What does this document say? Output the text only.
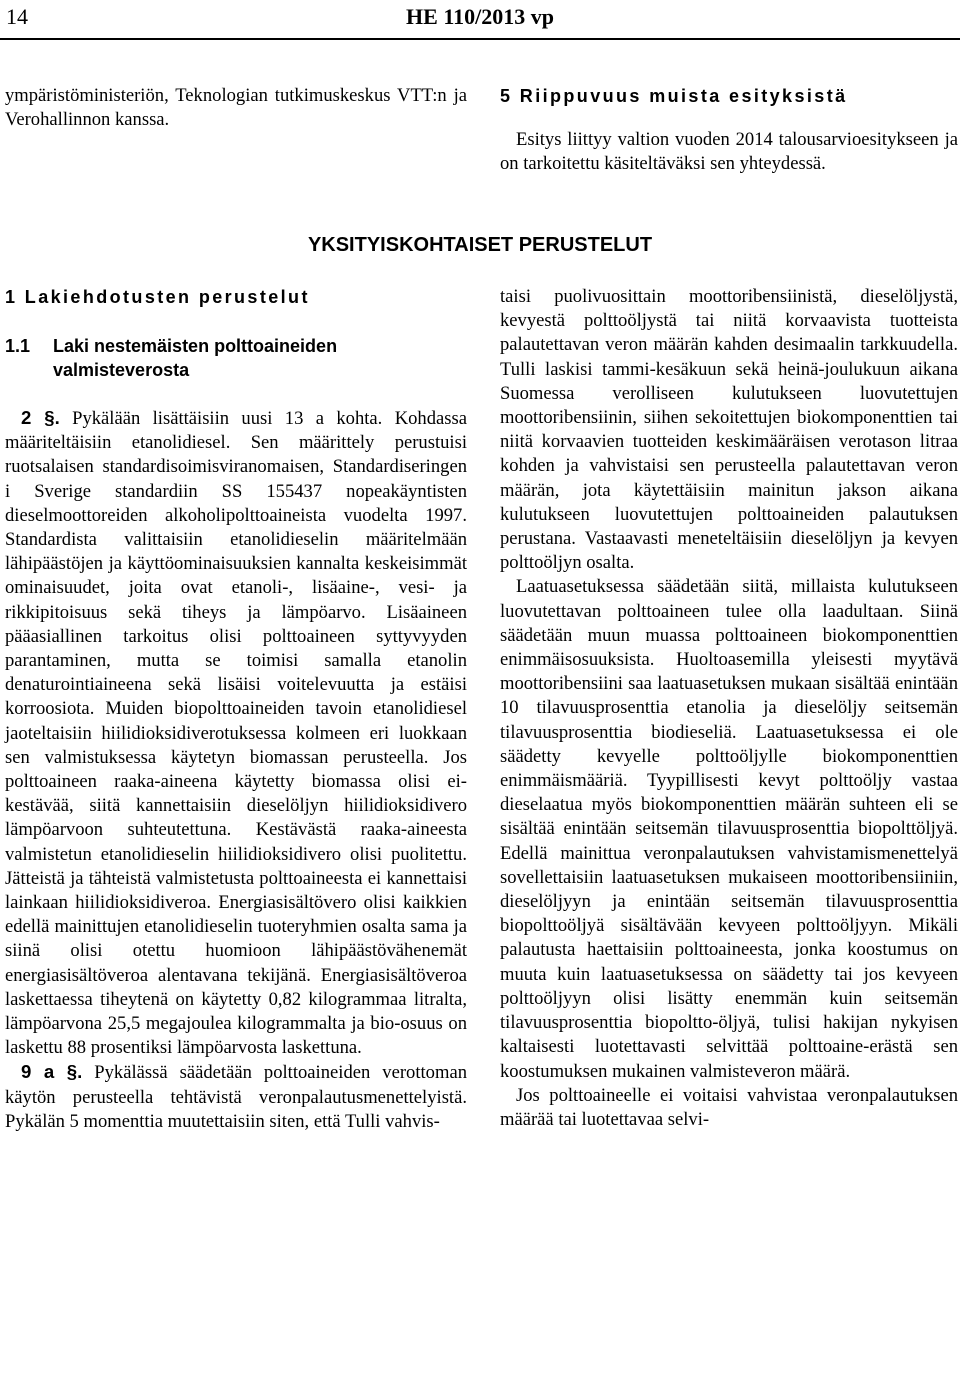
14	HE 110/2013 vp

ympäristöministeriön, Teknologian tutkimuskeskus VTT:n ja Verohallinnon kanssa.

5 Riippuvuus muista esityksistä

Esitys liittyy valtion vuoden 2014 talousarvioesitykseen ja on tarkoitettu käsiteltäväksi sen yhteydessä.

YKSITYISKOHTAISET PERUSTELUT
1 Lakiehdotusten perustelut
1.1 Laki nestemäisten polttoaineiden
valmisteverosta

2 §. Pykälään lisättäisiin uusi 13 a kohta. Kohdassa määriteltäisiin etanolidiesel. Sen määrittely perustuisi ruotsalaisen standardisoimisviranomaisen, Standardiseringen i Sverige standardiin SS 155437 nopeakäyntisten dieselmoottoreiden alkoholipolttoaineista vuodelta 1997. Standardista valittaisiin etanolidieselin määritelmään lähipäästöjen ja käyttöominaisuuksien kannalta keskeisimmät ominaisuudet, joita ovat etanoli-, lisäaine-, vesi- ja rikkipitoisuus sekä tiheys ja lämpöarvo. Lisäaineen pääasiallinen tarkoitus olisi polttoaineen syttyvyyden parantaminen, mutta se toimisi samalla etanolin denaturointiaineena sekä lisäisi voitelevuutta ja estäisi korroosiota. Muiden biopolttoaineiden tavoin etanolidiesel jaoteltaisiin hiilidioksidiverotuksessa kolmeen eri luokkaan sen valmistuksessa käytetyn biomassan perusteella. Jos polttoaineen raaka-aineena käytetty biomassa olisi ei-kestävää, siitä kannettaisiin dieselöljyn hiilidioksidivero lämpöarvoon suhteutettuna. Kestävästä raaka-aineesta valmistetun etanolidieselin hiilidioksidivero olisi puolitettu. Jätteistä ja tähteistä valmistetusta polttoaineesta ei kannettaisi lainkaan hiilidioksidiveroa. Energiasisältövero olisi kaikkien edellä mainittujen etanolidieselin tuoteryhmien osalta sama ja siinä olisi otettu huomioon lähipäästövähenemät energiasisältöveroa alentavana tekijänä. Energiasisältöveroa laskettaessa tiheytenä on käytetty 0,82 kilogrammaa litralta, lämpöarvona 25,5 megajoulea kilogrammalta ja bio-osuus on laskettu 88 prosentiksi lämpöarvosta laskettuna.

9 a §. Pykälässä säädetään polttoaineiden verottoman käytön perusteella tehtävistä veronpalautusmenettelyistä. Pykälän 5 momenttia muutettaisiin siten, että Tulli vahvis-

taisi puolivuosittain moottoribensiinistä, dieselöljystä, kevyestä polttoöljystä tai niitä korvaavista tuotteista palautettavan veron määrän kahden desimaalin tarkkuudella. Tulli laskisi tammi-kesäkuun sekä heinä-joulukuun aikana Suomessa verolliseen kulutukseen luovutettujen moottoribensiinin, siihen sekoitettujen biokomponenttien tai niitä korvaavien tuotteiden keskimääräisen verotason litraa kohden ja vahvistaisi sen perusteella palautettavan veron määrän, jota käytettäisiin mainitun jakson aikana kulutukseen luovutettujen polttoaineiden palautuksen perustana. Vastaavasti meneteltäisiin dieselöljyn ja kevyen polttoöljyn osalta.

Laatuasetuksessa säädetään siitä, millaista kulutukseen luovutettavan polttoaineen tulee olla laadultaan. Siinä säädetään muun muassa polttoaineen biokomponenttien enimmäisosuuksista. Huoltoasemilla yleisesti myytävä moottoribensiini saa laatuasetuksen mukaan sisältää enintään 10 tilavuusprosenttia etanolia ja dieselöljy seitsemän tilavuusprosenttia biodieseliä. Laatuasetuksessa ei ole säädetty kevyelle polttoöljylle biokomponenttien enimmäismääriä. Tyypillisesti kevyt polttoöljy vastaa dieselaatua myös biokomponenttien määrän suhteen eli se sisältää enintään seitsemän tilavuusprosenttia biopolttöljyä. Edellä mainittua veronpalautuksen vahvistamismenettelyä sovellettaisiin laatuasetuksen mukaiseen moottoribensiiniin, dieselöljyyn ja enintään seitsemän tilavuusprosenttia biopolttoöljyä sisältävään kevyeen polttoöljyyn. Mikäli palautusta haettaisiin polttoaineesta, jonka koostumus on muuta kuin laatuasetuksessa on säädetty tai jos kevyeen polttoöljyyn olisi lisätty enemmän kuin seitsemän tilavuusprosenttia biopoltto-öljyä, tulisi hakijan nykyisen kaltaisesti luotettavasti selvittää polttoaine-erästä sen koostumuksen mukainen valmisteveron määrä.

Jos polttoaineelle ei voitaisi vahvistaa veronpalautuksen määrää tai luotettavaa selvi-
